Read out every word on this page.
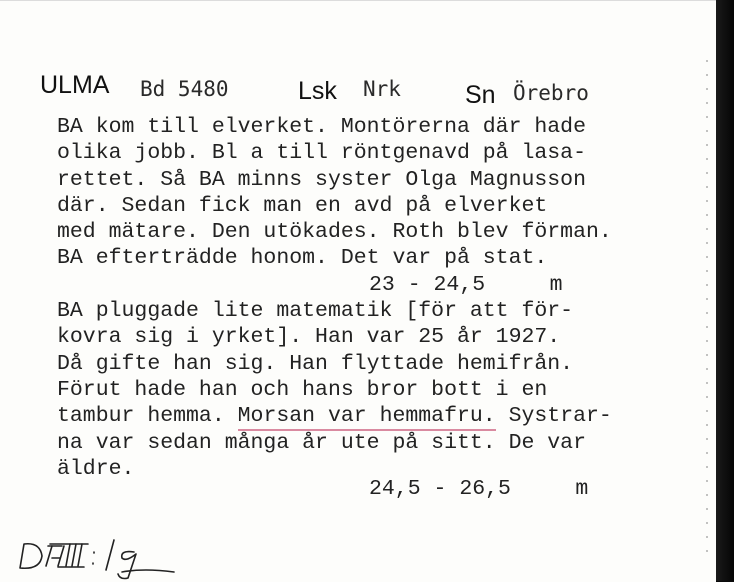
ULMA Bd 5480	Lsk Nrk	Sn Örebro
BA kom till elverket. Montörerna där hade
olika jobb. Bl a till röntgenavd på lasa-
rettet. Så BA minns syster Olga Magnusson
där. Sedan fick man en avd på elverket
med mätare. Den utökades. Roth blev förman.
BA efterträdde honom. Det var på stat.
23 - 24,5     m
BA pluggade lite matematik [för att för-
kovra sig i yrket]. Han var 25 år 1927.
Då gifte han sig. Han flyttade hemifrån.
Förut hade han och hans bror bott i en
tambur hemma. Morsan var hemmafru. Systrar-
na var sedan många år ute på sitt. De var
äldre.
24,5 - 26,5     m
